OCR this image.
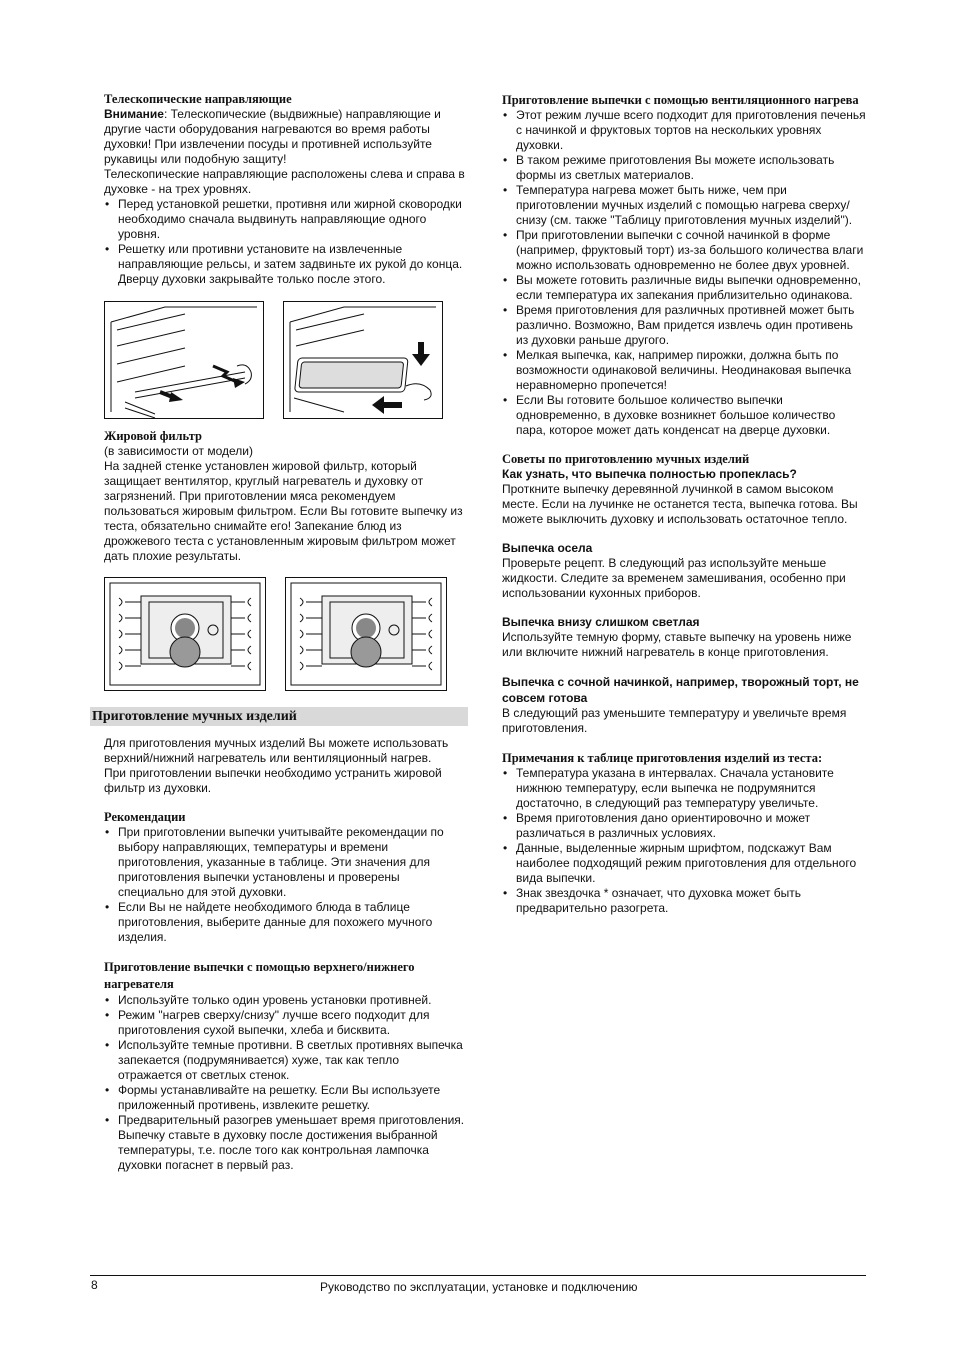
Телескопические направляющие

Внимание: Телескопические (выдвижные) направляющие и другие части оборудования нагреваются во время работы духовки! При извлечении посуды и противней используйте рукавицы или подобную защиту!

Телескопические направляющие расположены слева и справа в духовке - на трех уровнях.

• Перед установкой решетки, противня или жирной сковородки необходимо сначала выдвинуть направляющие одного уровня.
• Решетку или противни установите на извлеченные направляющие рельсы, и затем задвиньте их рукой до конца. Дверцу духовки закрывайте только после этого.
Жировой фильтр

(в зависимости от модели)

На задней стенке установлен жировой фильтр, который защищает вентилятор, круглый нагреватель и духовку от загрязнений. При приготовлении мяса рекомендуем пользоваться жировым фильтром. Если Вы готовите выпечку из теста, обязательно снимайте его! Запекание блюд из дрожжевого теста с установленным жировым фильтром может дать плохие результаты.

Приготовление мучных изделий

Для приготовления мучных изделий Вы можете использовать верхний/нижний нагреватель или вентиляционный нагрев.

При приготовлении выпечки необходимо устранить жировой фильтр из духовки.

Рекомендации
• При приготовлении выпечки учитывайте рекомендации по выбору направляющих, температуры и времени приготовления, указанные в таблице. Эти значения для приготовления выпечки установлены и проверены специально для этой духовки.
• Если Вы не найдете необходимого блюда в таблице приготовления, выберите данные для похожего мучного изделия.
Приготовление выпечки с помощью верхнего/нижнего нагревателя
• Используйте только один уровень установки противней.
• Режим "нагрев сверху/снизу" лучше всего подходит для приготовления сухой выпечки, хлеба и бисквита.
• Используйте темные противни. В светлых противнях выпечка запекается (подрумянивается) хуже, так как тепло отражается от светлых стенок.
• Формы устанавливайте на решетку. Если Вы используете приложенный противень, извлеките решетку.
• Предварительный разогрев уменьшает время приготовления. Выпечку ставьте в духовку после достижения выбранной температуры, т.е. после того как контрольная лампочка духовки погаснет в первый раз.
Приготовление выпечки с помощью вентиляционного нагрева
• Этот режим лучше всего подходит для приготовления печенья с начинкой и фруктовых тортов на нескольких уровнях духовки.
• В таком режиме приготовления Вы можете использовать формы из светлых материалов.
• Температура нагрева может быть ниже, чем при приготовлении мучных изделий с помощью нагрева сверху/ снизу (см. также "Таблицу приготовления мучных изделий").
• При приготовлении выпечки с сочной начинкой в форме (например, фруктовый торт) из-за большого количества влаги можно использовать одновременно не более двух уровней.
• Вы можете готовить различные виды выпечки одновременно, если температура их запекания приблизительно одинакова.
• Время приготовления для различных противней может быть различно. Возможно, Вам придется извлечь один противень из духовки раньше другого.
• Мелкая выпечка, как, например пирожки, должна быть по возможности одинаковой величины. Неодинаковая выпечка неравномерно пропечется!
• Если Вы готовите большое количество выпечки одновременно, в духовке возникнет большое количество пара, которое может дать конденсат на дверце духовки.
Советы по приготовлению мучных изделий

Как узнать, что выпечка полностью пропеклась?

Проткните выпечку деревянной лучинкой в самом высоком месте. Если на лучинке не останется теста, выпечка готова. Вы можете выключить духовку и использовать остаточное тепло.

Выпечка осела

Проверьте рецепт. В следующий раз используйте меньше жидкости. Следите за временем замешивания, особенно при использовании кухонных приборов.

Выпечка внизу слишком светлая

Используйте темную форму, ставьте выпечку на уровень ниже или включите нижний нагреватель в конце приготовления.

Выпечка с сочной начинкой, например, творожный торт, не совсем готова

В следующий раз уменьшите температуру и увеличьте время приготовления.

Примечания к таблице приготовления изделий из теста:
• Температура указана в интервалах. Сначала установите нижнюю температуру, если выпечка не подрумянится достаточно, в следующий раз температуру увеличьте.
• Время приготовления дано ориентировочно и может различаться в различных условиях.
• Данные, выделенные жирным шрифтом, подскажут Вам наиболее подходящий режим приготовления для отдельного вида выпечки.
• Знак звездочка * означает, что духовка может быть предварительно разогрета.
8	Руководство по эксплуатации, установке и подключению
